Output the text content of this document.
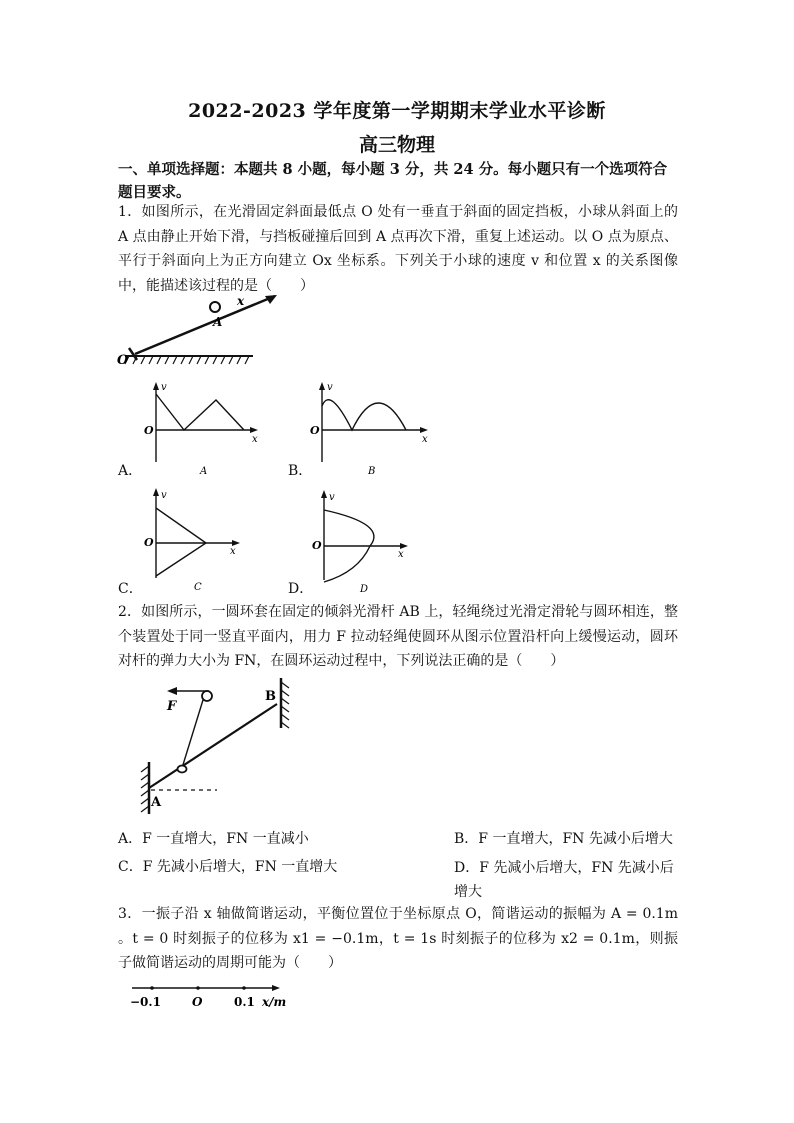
2022-2023 学年度第一学期期末学业水平诊断
高三物理
一、单项选择题：本题共 8 小题，每小题 3 分，共 24 分。每小题只有一个选项符合题目要求。
1．如图所示，在光滑固定斜面最低点 O 处有一垂直于斜面的固定挡板，小球从斜面上的 A 点由静止开始下滑，与挡板碰撞后回到 A 点再次下滑，重复上述运动。以 O 点为原点、平行于斜面向上为正方向建立 Ox 坐标系。下列关于小球的速度 v 和位置 x 的关系图像中，能描述该过程的是（　　）
O
A
x
v
O
x
A
A．
v
O
x
B
B．
v
O
x
C
C．
v
O
x
D
D．
2．如图所示，一圆环套在固定的倾斜光滑杆 AB 上，轻绳绕过光滑定滑轮与圆环相连，整个装置处于同一竖直平面内，用力 F 拉动轻绳使圆环从图示位置沿杆向上缓慢运动，圆环对杆的弹力大小为 FN，在圆环运动过程中，下列说法正确的是（　　）
F
A
B
A．F 一直增大，FN 一直减小	B．F 一直增大，FN 先减小后增大
C．F 先减小后增大，FN 一直增大	D．F 先减小后增大，FN 先减小后增大
3．一振子沿 x 轴做简谐运动，平衡位置位于坐标原点 O，简谐运动的振幅为 A = 0.1m 。t = 0 时刻振子的位移为 x1 = −0.1m，t = 1s 时刻振子的位移为 x2 = 0.1m，则振子做简谐运动的周期可能为（　　）
−0.1	O	0.1 x/m
